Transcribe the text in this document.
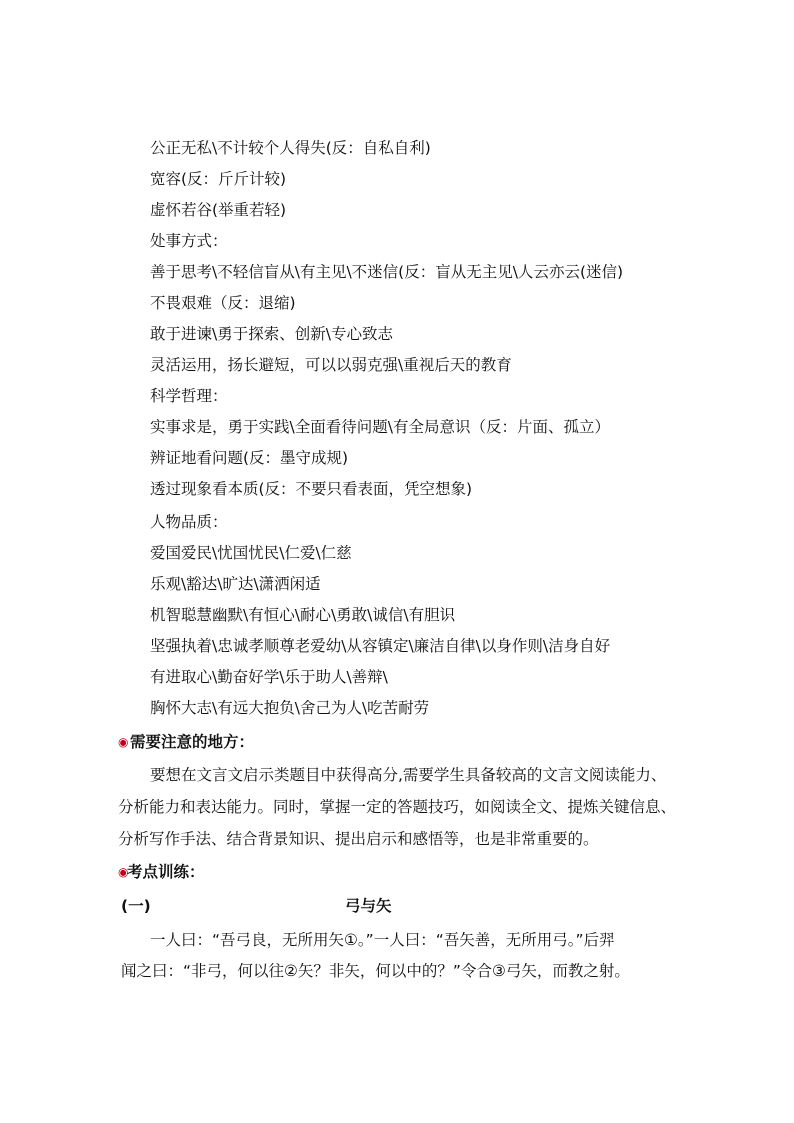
公正无私\不计较个人得失(反：自私自利)
宽容(反：斤斤计较)
虚怀若谷(举重若轻)
处事方式：
善于思考\不轻信盲从\有主见\不迷信(反：盲从无主见\人云亦云(迷信)
不畏艰难（反：退缩)
敢于进谏\勇于探索、创新\专心致志
灵活运用，扬长避短，可以以弱克强\重视后天的教育
科学哲理：
实事求是，勇于实践\全面看待问题\有全局意识（反：片面、孤立）
辨证地看问题(反：墨守成规)
透过现象看本质(反：不要只看表面，凭空想象)
人物品质：
爱国爱民\忧国忧民\仁爱\仁慈
乐观\豁达\旷达\潇洒闲适
机智聪慧幽默\有恒心\耐心\勇敢\诚信\有胆识
坚强执着\忠诚孝顺尊老爱幼\从容镇定\廉洁自律\以身作则\洁身自好
有进取心\勤奋好学\乐于助人\善辩\
胸怀大志\有远大抱负\舍己为人\吃苦耐劳
◉需要注意的地方：
要想在文言文启示类题目中获得高分,需要学生具备较高的文言文阅读能力、
分析能力和表达能力。同时，掌握一定的答题技巧，如阅读全文、提炼关键信息、
分析写作手法、结合背景知识、提出启示和感悟等，也是非常重要的。
◉考点训练：
(一)	弓与矢
一人曰：“吾弓良，无所用矢①。”一人曰：“吾矢善，无所用弓。”后羿
闻之曰：“非弓，何以往②矢？非矢，何以中的？”令合③弓矢，而教之射。
